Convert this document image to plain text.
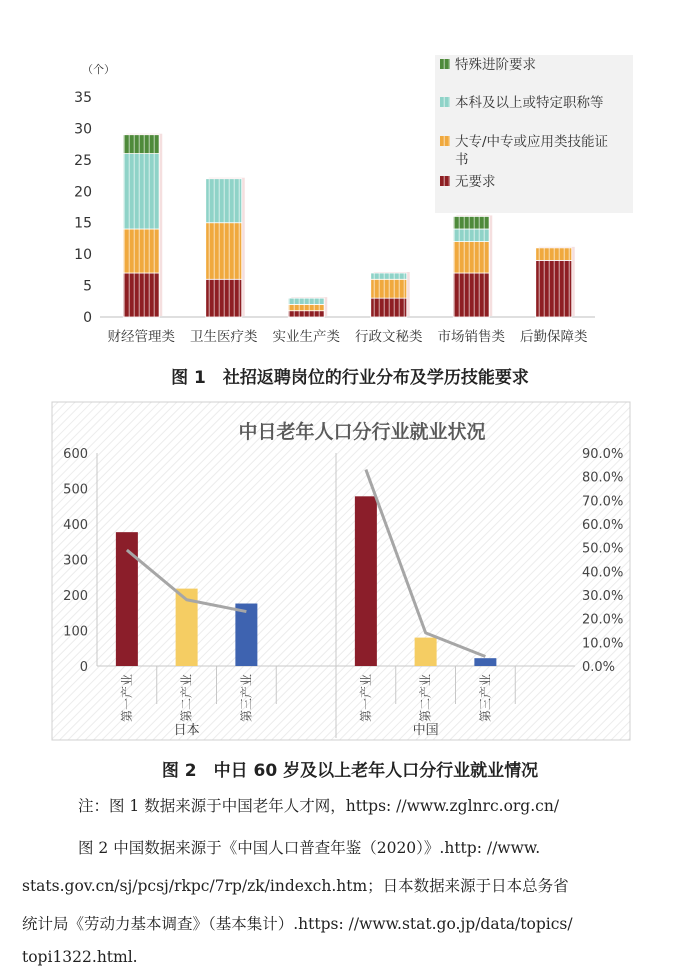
（个）
0
5
10
15
20
25
30
35
财经管理类 卫生医疗类 实业生产类 行政文秘类 市场销售类 后勤保障类
特殊进阶要求
本科及以上或特定职称等
大专/中专或应用类技能证
书
无要求
图 1　社招返聘岗位的行业分布及学历技能要求
中日老年人口分行业就业状况
0
100
200
300
400
500
600
0.0%
10.0%
20.0%
30.0%
40.0%
50.0%
60.0%
70.0%
80.0%
90.0%
第一产业	第二产业	第三产业
日本
第一产业	第二产业	第三产业
中国
图 2　中日 60 岁及以上老年人口分行业就业情况
注：图 1 数据来源于中国老年人才网，https: //www.zglnrc.org.cn/
图 2 中国数据来源于《中国人口普查年鉴（2020）》.http: //www.
stats.gov.cn/sj/pcsj/rkpc/7rp/zk/indexch.htm；日本数据来源于日本总务省
统计局《劳动力基本调查》（基本集计）.https: //www.stat.go.jp/data/topics/
topi1322.html.
